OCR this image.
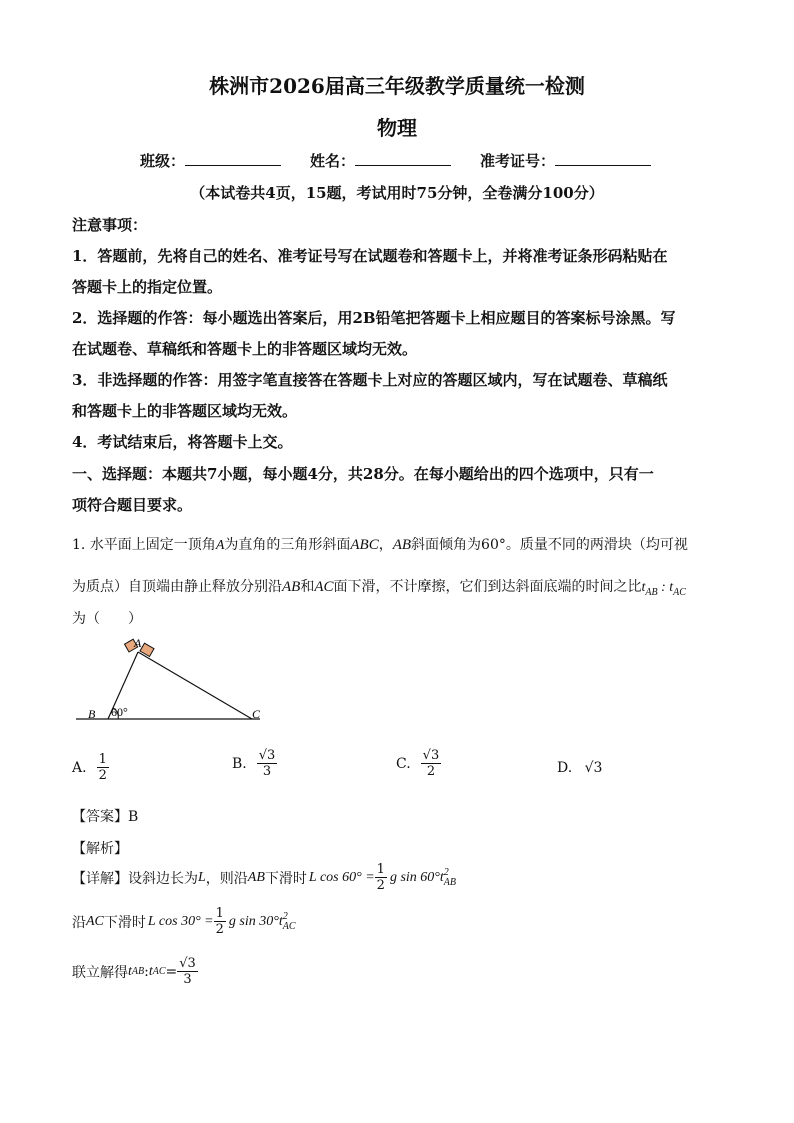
株洲市2026届高三年级教学质量统一检测
物理
班级：	姓名：	准考证号：
（本试卷共4页，15题，考试用时75分钟，全卷满分100分）
注意事项：
1．答题前，先将自己的姓名、准考证号写在试题卷和答题卡上，并将准考证条形码粘贴在
答题卡上的指定位置。
2．选择题的作答：每小题选出答案后，用2B铅笔把答题卡上相应题目的答案标号涂黑。写
在试题卷、草稿纸和答题卡上的非答题区域均无效。
3．非选择题的作答：用签字笔直接答在答题卡上对应的答题区域内，写在试题卷、草稿纸
和答题卡上的非答题区域均无效。
4．考试结束后，将答题卡上交。
一、选择题：本题共7小题，每小题4分，共28分。在每小题给出的四个选项中，只有一
项符合题目要求。
1. 水平面上固定一顶角A为直角的三角形斜面ABC，AB斜面倾角为60°。质量不同的两滑块（均可视
为质点）自顶端由静止释放分别沿AB和AC面下滑，不计摩擦，它们到达斜面底端的时间之比$t_{AB}$ : $t_{AC}$
为（　　）
A
B	C
60°
A. $\frac{1}{2}$	B. $\frac{√3}{3}$	C. $\frac{√3}{2}$	D. √3
【答案】B
【解析】
【详解】 设斜边长为 L ，则沿 AB 下滑时 L $\cos 60^\circ = \frac{1}{2}$ g sin 60°t 2
AB
沿 AC 下滑时 L $\cos 30^\circ = \frac{1}{2}$ g sin 30°t 2
AC
联立解得 t AB : t AC = $\frac{√3}{3}$
